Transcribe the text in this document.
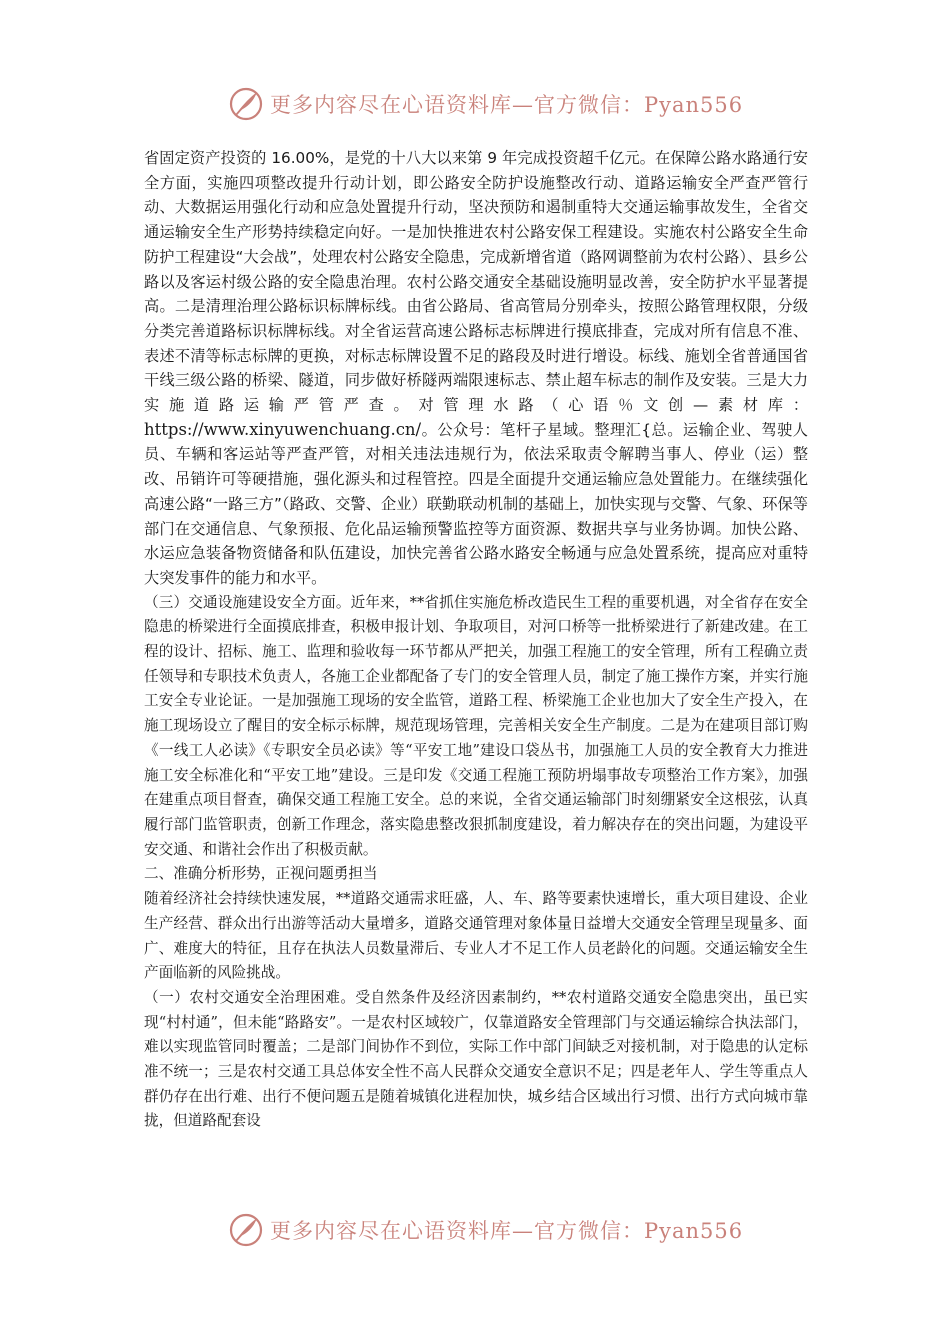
更多内容尽在心语资料库—官方微信：Pyan556

省固定资产投资的 16.00%，是党的十八大以来第 9 年完成投资超千亿元。在保障公路水路通行安全方面，实施四项整改提升行动计划，即公路安全防护设施整改行动、道路运输安全严查严管行动、大数据运用强化行动和应急处置提升行动，坚决预防和遏制重特大交通运输事故发生，全省交通运输安全生产形势持续稳定向好。一是加快推进农村公路安保工程建设。实施农村公路安全生命防护工程建设“大会战”，处理农村公路安全隐患，完成新增省道（路网调整前为农村公路）、县乡公路以及客运村级公路的安全隐患治理。农村公路交通安全基础设施明显改善，安全防护水平显著提高。二是清理治理公路标识标牌标线。由省公路局、省高管局分别牵头，按照公路管理权限，分级分类完善道路标识标牌标线。对全省运营高速公路标志标牌进行摸底排查，完成对所有信息不准、表述不清等标志标牌的更换，对标志标牌设置不足的路段及时进行增设。标线、施划全省普通国省干线三级公路的桥梁、隧道，同步做好桥隧两端限速标志、禁止超车标志的制作及安装。三是大力实施道路运输严管严查。对管理水路（心语％文创—素材库：https://www.xinyuwenchuang.cn/。公众号：笔杆子星域。整理汇{总。运输企业、驾驶人员、车辆和客运站等严查严管，对相关违法违规行为，依法采取责令解聘当事人、停业（运）整改、吊销许可等硬措施，强化源头和过程管控。四是全面提升交通运输应急处置能力。在继续强化高速公路“一路三方”（路政、交警、企业）联勤联动机制的基础上，加快实现与交警、气象、环保等部门在交通信息、气象预报、危化品运输预警监控等方面资源、数据共享与业务协调。加快公路、水运应急装备物资储备和队伍建设，加快完善省公路水路安全畅通与应急处置系统，提高应对重特大突发事件的能力和水平。

（三）交通设施建设安全方面。近年来，**省抓住实施危桥改造民生工程的重要机遇，对全省存在安全隐患的桥梁进行全面摸底排查，积极申报计划、争取项目，对河口桥等一批桥梁进行了新建改建。在工程的设计、招标、施工、监理和验收每一环节都从严把关，加强工程施工的安全管理，所有工程确立责任领导和专职技术负责人，各施工企业都配备了专门的安全管理人员，制定了施工操作方案，并实行施工安全专业论证。一是加强施工现场的安全监管，道路工程、桥梁施工企业也加大了安全生产投入，在施工现场设立了醒目的安全标示标牌，规范现场管理，完善相关安全生产制度。二是为在建项目部订购《一线工人必读》《专职安全员必读》等“平安工地”建设口袋丛书，加强施工人员的安全教育大力推进施工安全标准化和“平安工地”建设。三是印发《交通工程施工预防坍塌事故专项整治工作方案》，加强在建重点项目督查，确保交通工程施工安全。总的来说，全省交通运输部门时刻绷紧安全这根弦，认真履行部门监管职责，创新工作理念，落实隐患整改狠抓制度建设，着力解决存在的突出问题，为建设平安交通、和谐社会作出了积极贡献。

二、准确分析形势，正视问题勇担当

随着经济社会持续快速发展，**道路交通需求旺盛，人、车、路等要素快速增长，重大项目建设、企业生产经营、群众出行出游等活动大量增多，道路交通管理对象体量日益增大交通安全管理呈现量多、面广、难度大的特征，且存在执法人员数量滞后、专业人才不足工作人员老龄化的问题。交通运输安全生产面临新的风险挑战。

（一）农村交通安全治理困难。受自然条件及经济因素制约，**农村道路交通安全隐患突出，虽已实现“村村通”，但未能“路路安”。一是农村区域较广，仅靠道路安全管理部门与交通运输综合执法部门，难以实现监管同时覆盖；二是部门间协作不到位，实际工作中部门间缺乏对接机制，对于隐患的认定标准不统一；三是农村交通工具总体安全性不高人民群众交通安全意识不足；四是老年人、学生等重点人群仍存在出行难、出行不便问题五是随着城镇化进程加快，城乡结合区域出行习惯、出行方式向城市靠拢，但道路配套设

更多内容尽在心语资料库—官方微信：Pyan556
